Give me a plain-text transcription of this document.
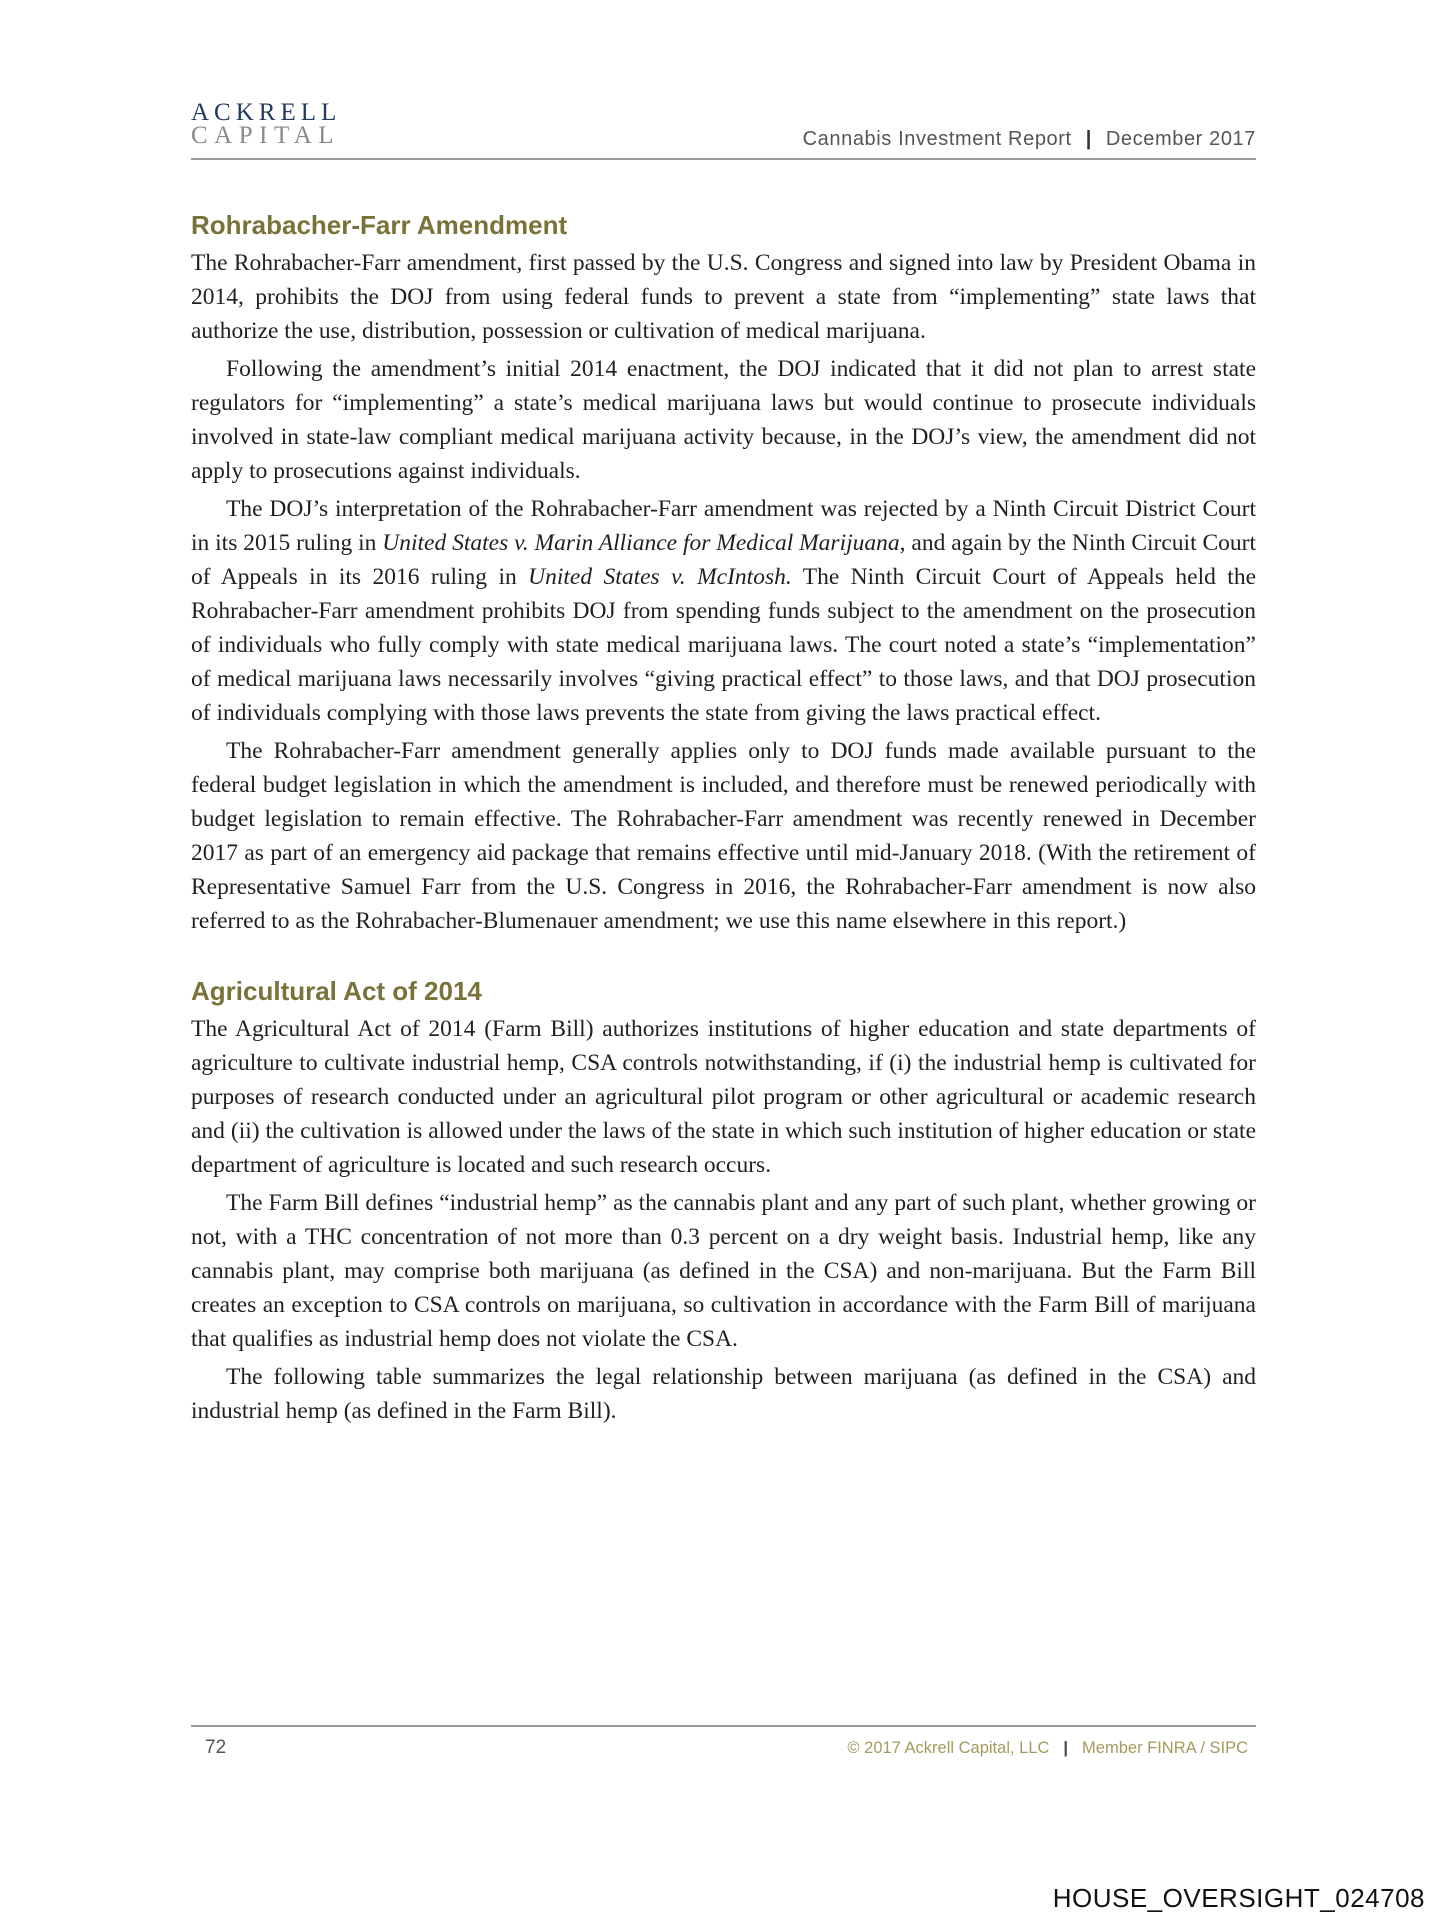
ACKRELL
CAPITAL	Cannabis Investment Report | December 2017
Rohrabacher-Farr Amendment

The Rohrabacher-Farr amendment, first passed by the U.S. Congress and signed into law by President Obama in 2014, prohibits the DOJ from using federal funds to prevent a state from “implementing” state laws that authorize the use, distribution, possession or cultivation of medical marijuana.

Following the amendment’s initial 2014 enactment, the DOJ indicated that it did not plan to arrest state regulators for “implementing” a state’s medical marijuana laws but would continue to prosecute individuals involved in state-law compliant medical marijuana activity because, in the DOJ’s view, the amendment did not apply to prosecutions against individuals.

The DOJ’s interpretation of the Rohrabacher-Farr amendment was rejected by a Ninth Circuit District Court in its 2015 ruling in United States v. Marin Alliance for Medical Marijuana, and again by the Ninth Circuit Court of Appeals in its 2016 ruling in United States v. McIntosh. The Ninth Circuit Court of Appeals held the Rohrabacher-Farr amendment prohibits DOJ from spending funds subject to the amendment on the prosecution of individuals who fully comply with state medical marijuana laws. The court noted a state’s “implementation” of medical marijuana laws necessarily involves “giving practical effect” to those laws, and that DOJ prosecution of individuals complying with those laws prevents the state from giving the laws practical effect.

The Rohrabacher-Farr amendment generally applies only to DOJ funds made available pursuant to the federal budget legislation in which the amendment is included, and therefore must be renewed periodically with budget legislation to remain effective. The Rohrabacher-Farr amendment was recently renewed in December 2017 as part of an emergency aid package that remains effective until mid-January 2018. (With the retirement of Representative Samuel Farr from the U.S. Congress in 2016, the Rohrabacher-Farr amendment is now also referred to as the Rohrabacher-Blumenauer amendment; we use this name elsewhere in this report.)

Agricultural Act of 2014

The Agricultural Act of 2014 (Farm Bill) authorizes institutions of higher education and state departments of agriculture to cultivate industrial hemp, CSA controls notwithstanding, if (i) the industrial hemp is cultivated for purposes of research conducted under an agricultural pilot program or other agricultural or academic research and (ii) the cultivation is allowed under the laws of the state in which such institution of higher education or state department of agriculture is located and such research occurs.

The Farm Bill defines “industrial hemp” as the cannabis plant and any part of such plant, whether growing or not, with a THC concentration of not more than 0.3 percent on a dry weight basis. Industrial hemp, like any cannabis plant, may comprise both marijuana (as defined in the CSA) and non-marijuana. But the Farm Bill creates an exception to CSA controls on marijuana, so cultivation in accordance with the Farm Bill of marijuana that qualifies as industrial hemp does not violate the CSA.

The following table summarizes the legal relationship between marijuana (as defined in the CSA) and industrial hemp (as defined in the Farm Bill).

72	© 2017 Ackrell Capital, LLC | Member FINRA / SIPC
HOUSE_OVERSIGHT_024708
